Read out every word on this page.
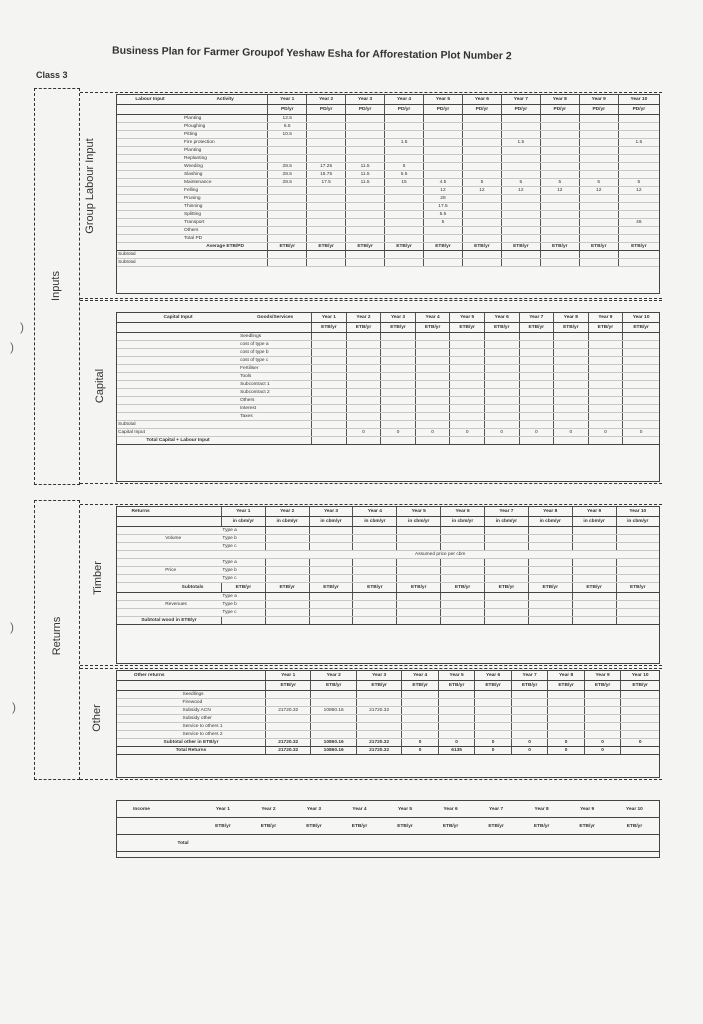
Business Plan for Farmer Groupof Yeshaw Esha for Afforestation Plot Number 2
Class 3
Inputs
Group Labour Input
Labour Input	Activity	Year 1	Year 2	Year 3	Year 4	Year 5	Year 6	Year 7	Year 8	Year 9	Year 10
		PD/yr	PD/yr	PD/yr	PD/yr	PD/yr	PD/yr	PD/yr	PD/yr	PD/yr	PD/yr
	Planting	12.5									
	Ploughing	6.5									
	Pitting	10.5									
	Fire protection				1.5			1.5			1.5
	Planting										
	Replanting										
	Weeding	28.5	17.25	11.5	5						
	Slashing	28.5	15.75	11.5	5.5						
	Maintenance	28.5	17.5	11.5	15	4.5	5	5	5	5	5
	Felling					12	12	12	12	12	12
	Pruning					28					
	Thinning					17.5					
	Splitting					5.5					
	Transport					5					46
	Others										
	Total PD										
	Average ETB/PD	ETB/yr	ETB/yr	ETB/yr	ETB/yr	ETB/yr	ETB/yr	ETB/yr	ETB/yr	ETB/yr	ETB/yr
Subtotal											
Subtotal											
Capital
Capital Input	Goods/Services	Year 1	Year 2	Year 3	Year 4	Year 5	Year 6	Year 7	Year 8	Year 9	Year 10
		ETB/yr	ETB/yr	ETB/yr	ETB/yr	ETB/yr	ETB/yr	ETB/yr	ETB/yr	ETB/yr	ETB/yr
	Seedlings										
	cost of type a										
	cost of type b										
	cost of type c										
	Fertiliser										
	Tools										
	Subcontract 1										
	Subcontract 2										
	Others										
	Interest										
	Taxes										
Subtotal											
Capital Input			0	0	0	0	0	0	0	0	0
Total Capital + Labour Input											
Returns
Timber
Returns		Year 1	Year 2	Year 3	Year 4	Year 5	Year 6	Year 7	Year 8	Year 9	Year 10
		in cbm/yr	in cbm/yr	in cbm/yr	in cbm/yr	in cbm/yr	in cbm/yr	in cbm/yr	in cbm/yr	in cbm/yr	in cbm/yr
		Type a									
	Volume	Type b									
		Type c									
		Assumed price per cbm									
		Type a									
	Price	Type b									
		Type c									
	Subtotals	ETB/yr	ETB/yr	ETB/yr	ETB/yr	ETB/yr	ETB/yr	ETB/yr	ETB/yr	ETB/yr	ETB/yr
		Type a									
	Revenues	Type b									
		Type c									
Subtotal wood in ETB/yr											
Other
Other returns		Year 1	Year 2	Year 3	Year 4	Year 5	Year 6	Year 7	Year 8	Year 9	Year 10
		ETB/yr	ETB/yr	ETB/yr	ETB/yr	ETB/yr	ETB/yr	ETB/yr	ETB/yr	ETB/yr	ETB/yr
	Seedlings										
	Firewood										
	Subsidy ACN	21720.32	10860.16	21720.32							
	Subsidy other										
	Service to others 1										
	Service to others 2										
Subtotal other in ETB/yr		21720.32	10860.16	21720.32	0	0	0	0	0	0	0
Total Returns		21720.32	10860.16	21720.32	0	6135	0	0	0	0	
Income		Year 1	Year 2	Year 3	Year 4	Year 5	Year 6	Year 7	Year 8	Year 9	Year 10
		ETB/yr	ETB/yr	ETB/yr	ETB/yr	ETB/yr	ETB/yr	ETB/yr	ETB/yr	ETB/yr	ETB/yr
	Total										
)
)
)
)
